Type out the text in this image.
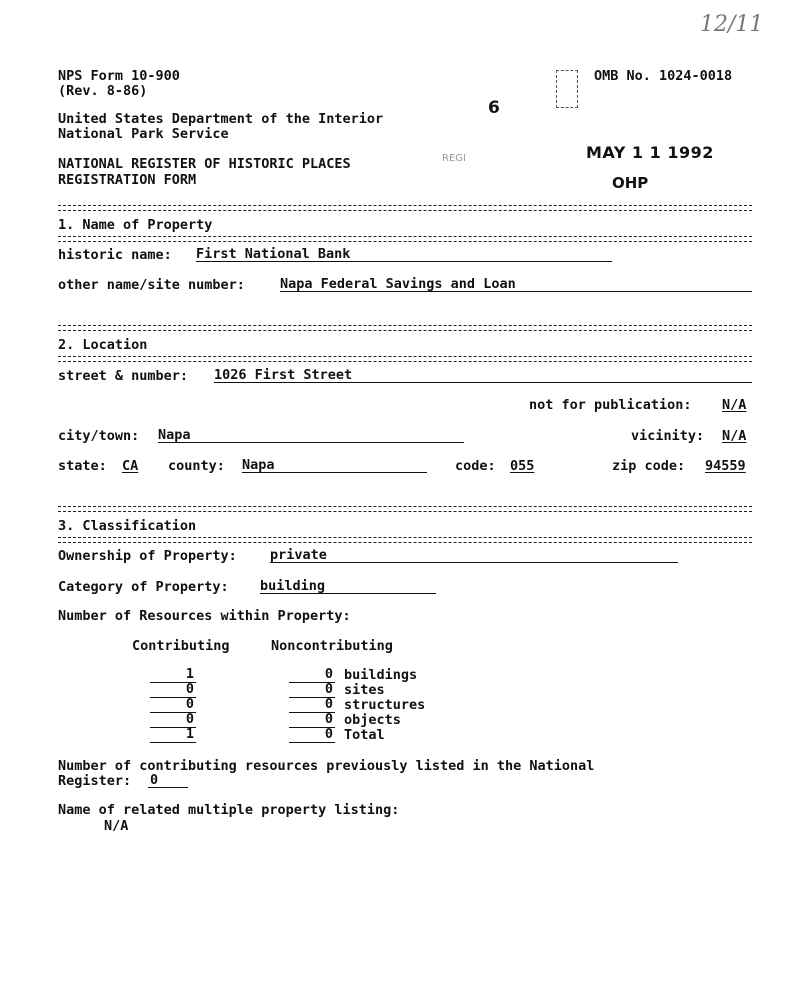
12/11
NPS Form 10-900
(Rev. 8-86)
OMB No. 1024-0018
United States Department of the Interior
National Park Service
NATIONAL REGISTER OF HISTORIC PLACES
REGISTRATION FORM
6
REGI	MAY 1 1 1992
OHP
1. Name of Property
historic name: First National Bank
other name/site number:	Napa Federal Savings and Loan
2. Location
street & number: 1026 First Street
not for publication: N/A
city/town: Napa	vicinity: N/A
state: CA county: Napa	code: 055	zip code: 94559
3. Classification
Ownership of Property: private
Category of Property: building
Number of Resources within Property:
Contributing	Noncontributing
1	0 buildings
0	0 sites
0	0 structures
0	0 objects
1	0 Total
Number of contributing resources previously listed in the National
Register: 0
Name of related multiple property listing:
N/A
